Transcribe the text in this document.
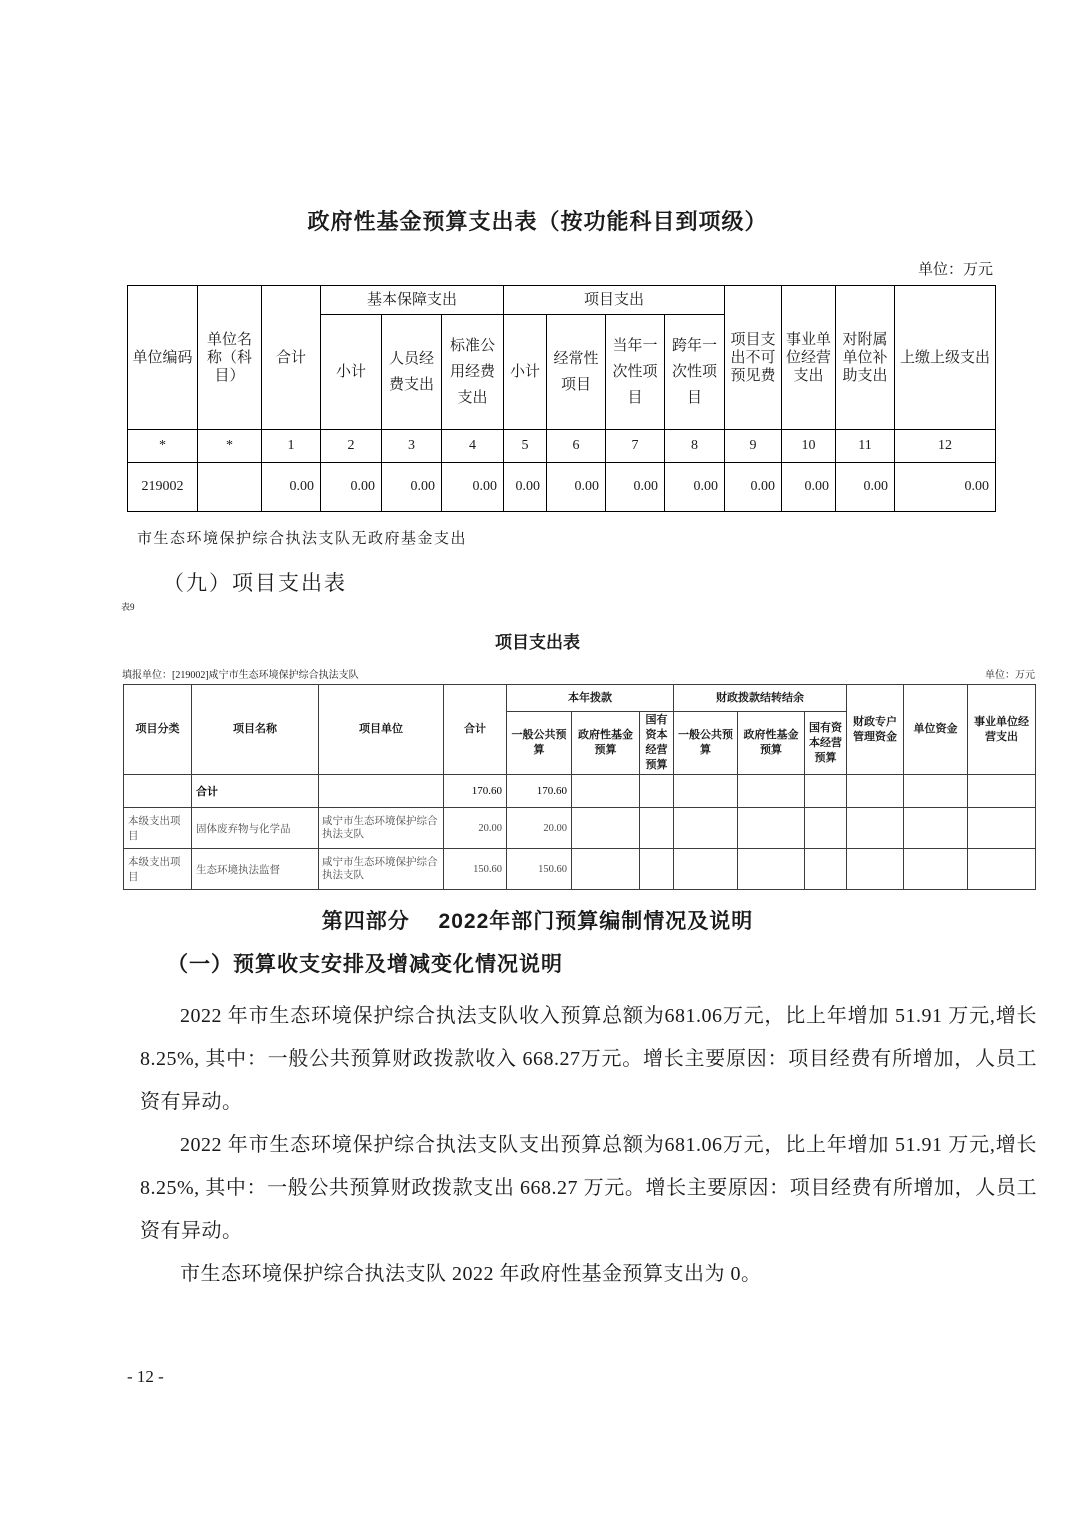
政府性基金预算支出表（按功能科目到项级）
单位：万元
单位编码	单位名称（科目）	合计	基本保障支出			项目支出				项目支出不可预见费	事业单位经营支出	对附属单位补助支出	上缴上级支出
			小计	人员经费支出	标准公用经费支出	小计	经常性项目	当年一次性项目	跨年一次性项目				
*	*	1	2	3	4	5	6	7	8	9	10	11	12
219002		0.00	0.00	0.00	0.00	0.00	0.00	0.00	0.00	0.00	0.00	0.00	0.00
市生态环境保护综合执法支队无政府基金支出
（九）项目支出表
表9
项目支出表
填报单位：[219002]咸宁市生态环境保护综合执法支队	单位：万元
项目分类	项目名称	项目单位	合计	本年拨款			财政拨款结转结余			财政专户管理资金	单位资金	事业单位经营支出
				一般公共预算	政府性基金预算	国有资本经营预算	一般公共预算	政府性基金预算	国有资本经营预算			
	合计		170.60	170.60								
本级支出项目	固体废弃物与化学品	咸宁市生态环境保护综合执法支队	20.00	20.00								
本级支出项目	生态环境执法监督	咸宁市生态环境保护综合执法支队	150.60	150.60								
第四部分　 2022年部门预算编制情况及说明
（一）预算收支安排及增减变化情况说明

2022 年市生态环境保护综合执法支队收入预算总额为681.06万元，比上年增加 51.91 万元,增长 8.25%, 其中：一般公共预算财政拨款收入 668.27万元。增长主要原因：项目经费有所增加，人员工资有异动。

2022 年市生态环境保护综合执法支队支出预算总额为681.06万元，比上年增加 51.91 万元,增长 8.25%, 其中：一般公共预算财政拨款支出 668.27 万元。增长主要原因：项目经费有所增加，人员工资有异动。

市生态环境保护综合执法支队 2022 年政府性基金预算支出为 0。

- 12 -
